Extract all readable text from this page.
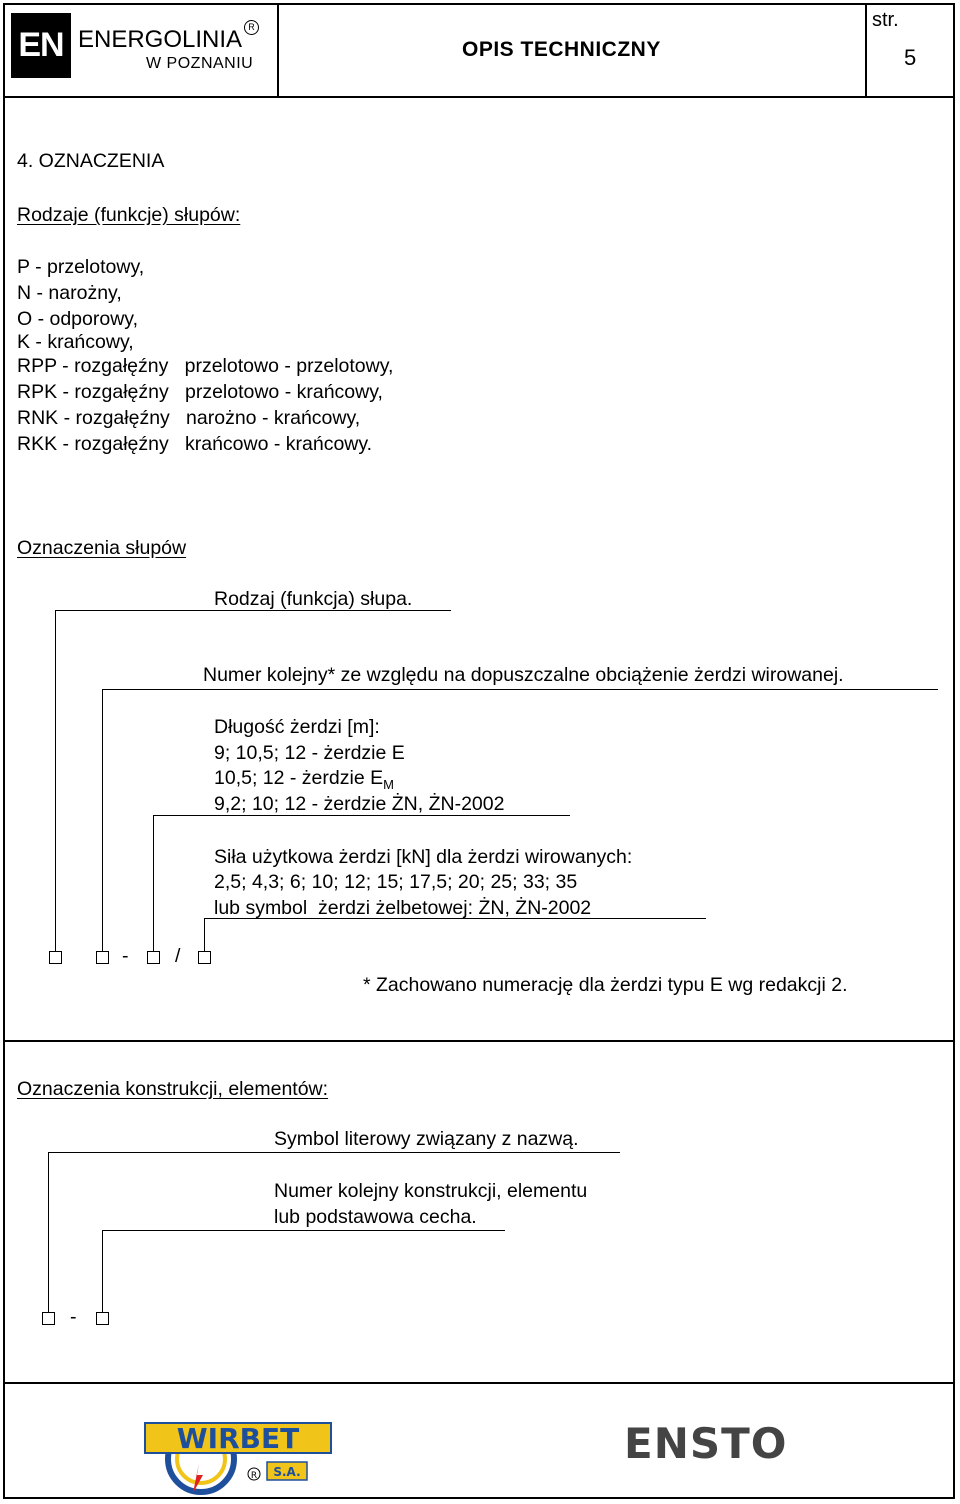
EN ENERGOLINIA $^R$
W POZNANIU
OPIS TECHNICZNY
str.
5
4. OZNACZENIA
Rodzaje (funkcje) słupów:
P - przelotowy,
N - narożny,
O - odporowy,
K - krańcowy,
RPP - rozgałęźny   przelotowo - przelotowy,
RPK - rozgałęźny   przelotowo - krańcowy,
RNK - rozgałęźny   narożno - krańcowy,
RKK - rozgałęźny   krańcowo - krańcowy.
Oznaczenia słupów
Rodzaj (funkcja) słupa.
Numer kolejny* ze względu na dopuszczalne obciążenie żerdzi wirowanej.
Długość żerdzi [m]:
9; 10,5; 12 - żerdzie E
10,5; 12 - żerdzie $E_M$
9,2; 10; 12 - żerdzie ŻN, ŻN-2002
Siła użytkowa żerdzi [kN] dla żerdzi wirowanych:
2,5; 4,3; 6; 10; 12; 15; 17,5; 20; 25; 33; 35
lub symbol  żerdzi żelbetowej: ŻN, ŻN-2002
- /
* Zachowano numerację dla żerdzi typu E wg redakcji 2.
Oznaczenia konstrukcji, elementów:
Symbol literowy związany z nazwą.
Numer kolejny konstrukcji, elementu
lub podstawowa cecha.
-
WIRBET
R S.A.
ENSTO
